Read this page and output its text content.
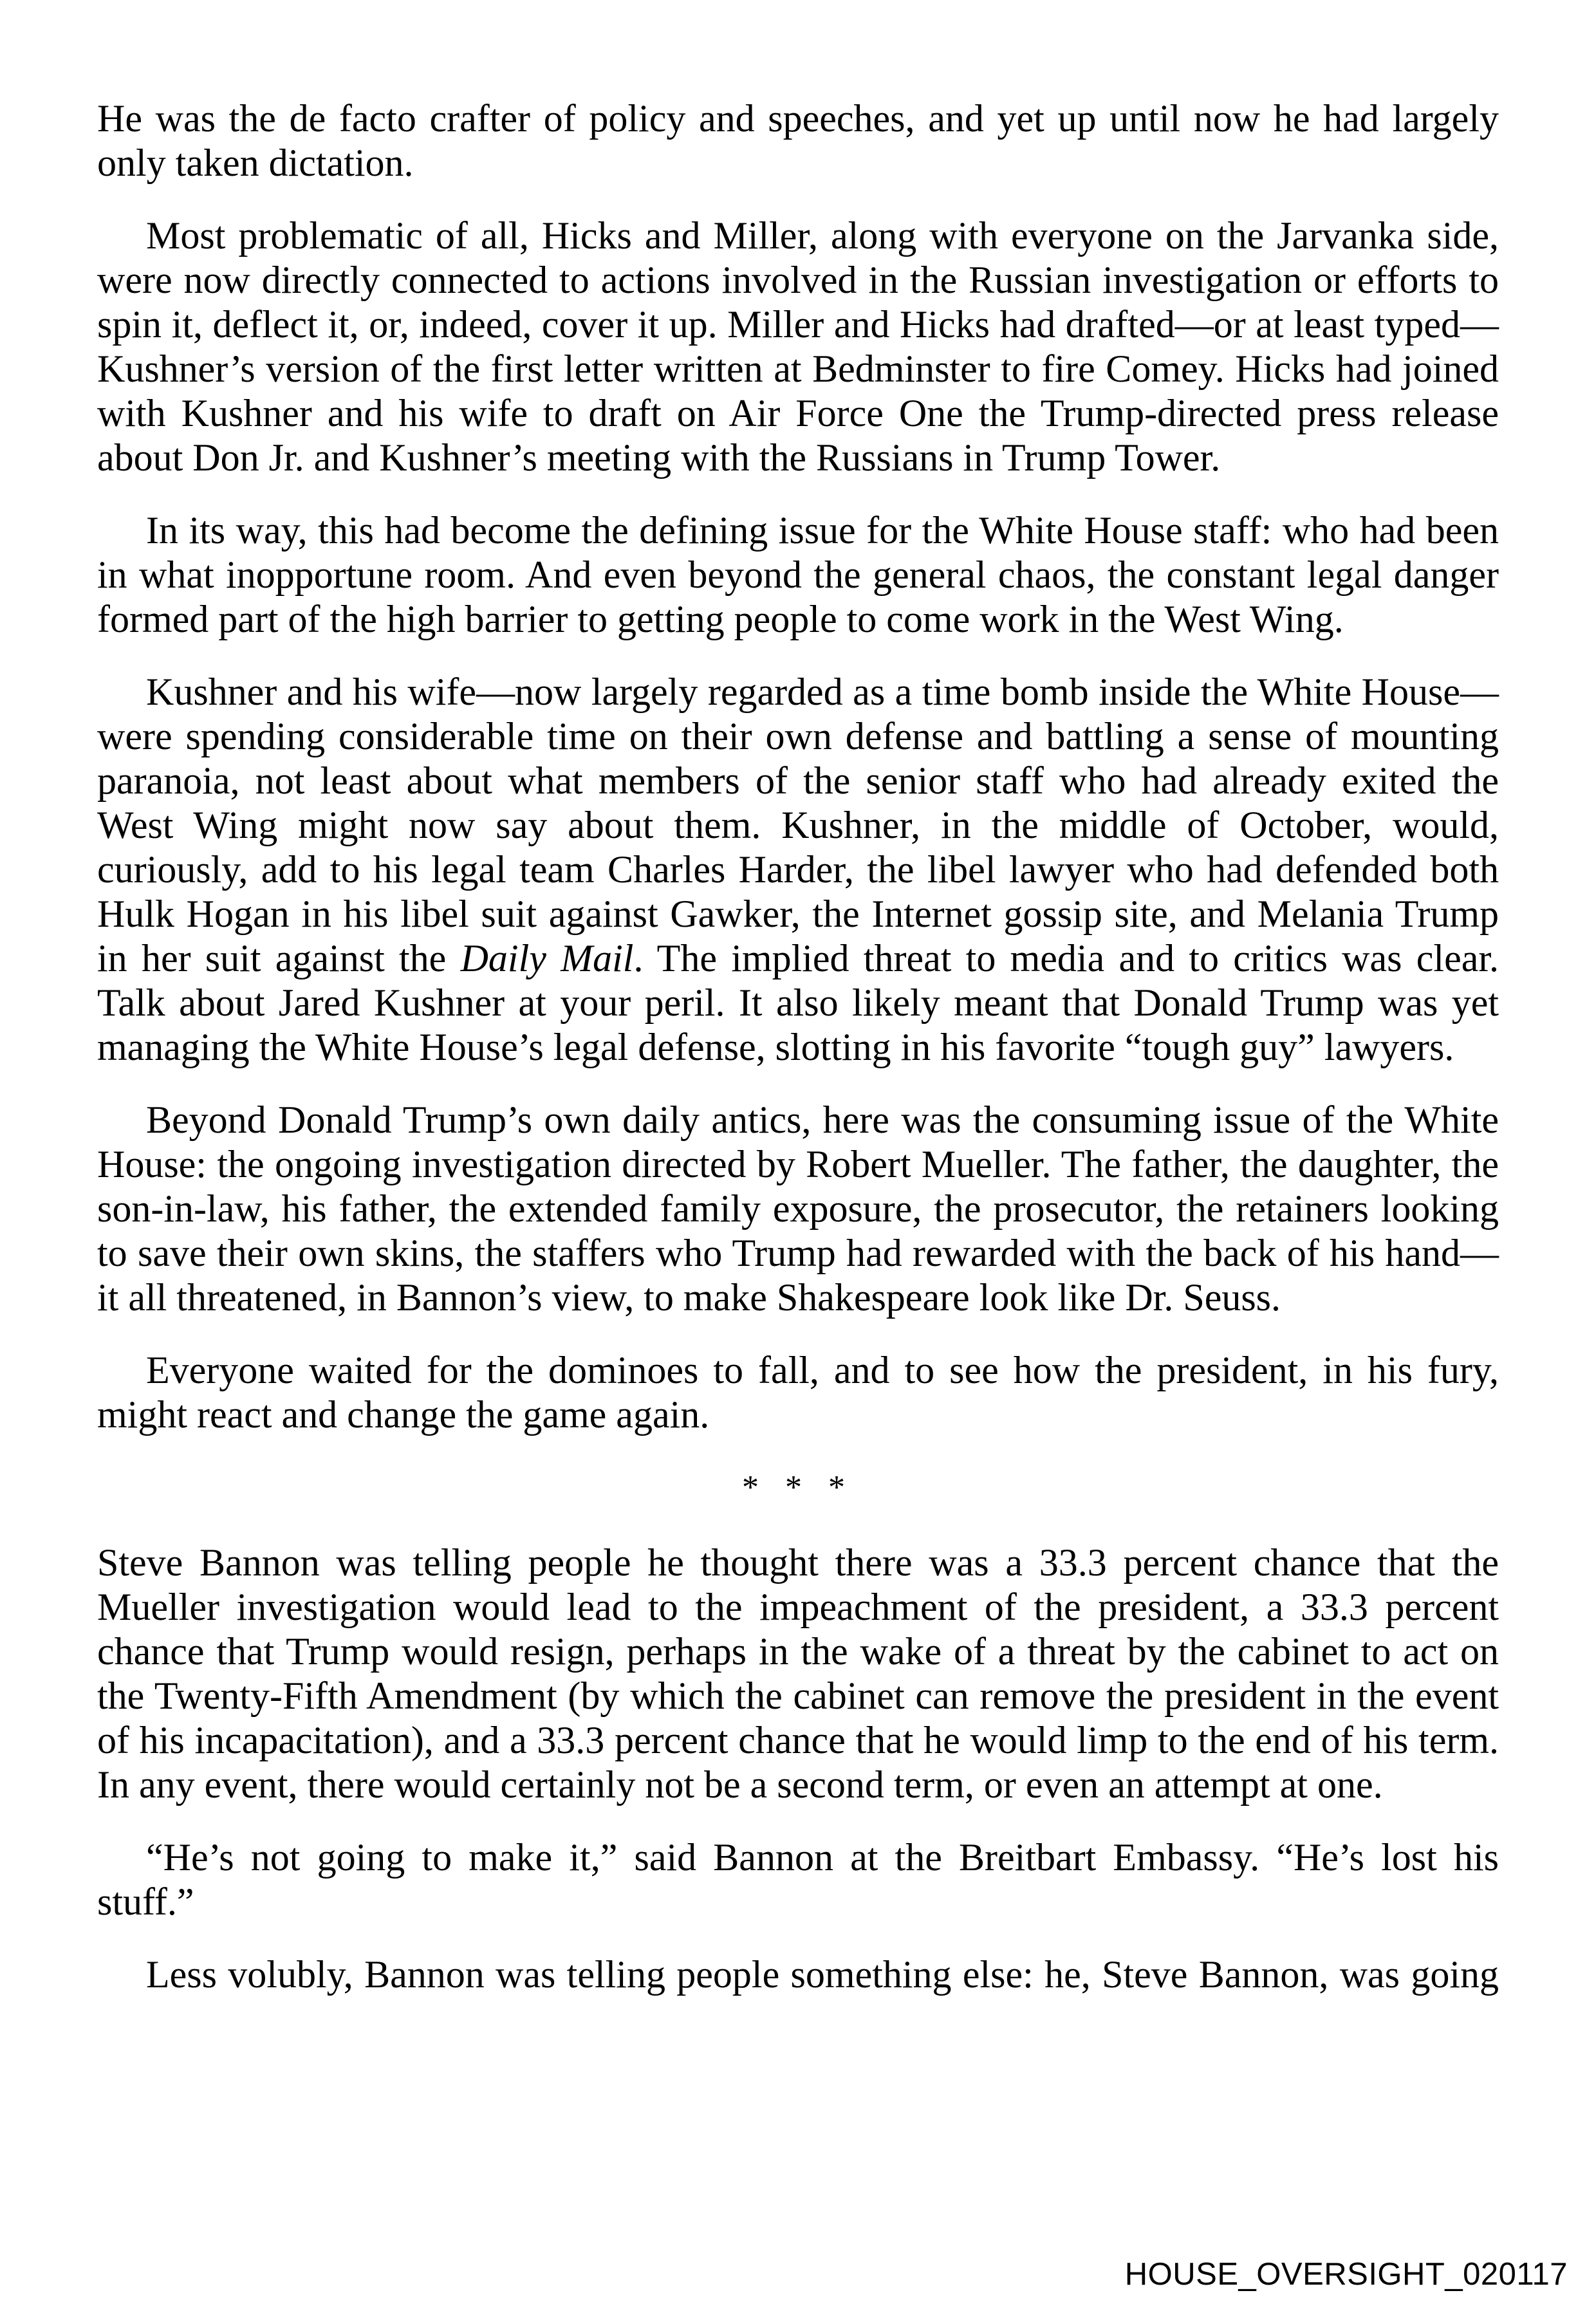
He was the de facto crafter of policy and speeches, and yet up until now he had largely only taken dictation.

Most problematic of all, Hicks and Miller, along with everyone on the Jarvanka side, were now directly connected to actions involved in the Russian investigation or efforts to spin it, deflect it, or, indeed, cover it up. Miller and Hicks had drafted—or at least typed—Kushner’s version of the first letter written at Bedminster to fire Comey. Hicks had joined with Kushner and his wife to draft on Air Force One the Trump-directed press release about Don Jr. and Kushner’s meeting with the Russians in Trump Tower.

In its way, this had become the defining issue for the White House staff: who had been in what inopportune room. And even beyond the general chaos, the constant legal danger formed part of the high barrier to getting people to come work in the West Wing.

Kushner and his wife—now largely regarded as a time bomb inside the White House—were spending considerable time on their own defense and battling a sense of mounting paranoia, not least about what members of the senior staff who had already exited the West Wing might now say about them. Kushner, in the middle of October, would, curiously, add to his legal team Charles Harder, the libel lawyer who had defended both Hulk Hogan in his libel suit against Gawker, the Internet gossip site, and Melania Trump in her suit against the Daily Mail. The implied threat to media and to critics was clear. Talk about Jared Kushner at your peril. It also likely meant that Donald Trump was yet managing the White House’s legal defense, slotting in his favorite “tough guy” lawyers.

Beyond Donald Trump’s own daily antics, here was the consuming issue of the White House: the ongoing investigation directed by Robert Mueller. The father, the daughter, the son-in-law, his father, the extended family exposure, the prosecutor, the retainers looking to save their own skins, the staffers who Trump had rewarded with the back of his hand—it all threatened, in Bannon’s view, to make Shakespeare look like Dr. Seuss.

Everyone waited for the dominoes to fall, and to see how the president, in his fury, might react and change the game again.

* * *

Steve Bannon was telling people he thought there was a 33.3 percent chance that the Mueller investigation would lead to the impeachment of the president, a 33.3 percent chance that Trump would resign, perhaps in the wake of a threat by the cabinet to act on the Twenty-Fifth Amendment (by which the cabinet can remove the president in the event of his incapacitation), and a 33.3 percent chance that he would limp to the end of his term. In any event, there would certainly not be a second term, or even an attempt at one.

“He’s not going to make it,” said Bannon at the Breitbart Embassy. “He’s lost his stuff.”

Less volubly, Bannon was telling people something else: he, Steve Bannon, was going

HOUSE_OVERSIGHT_020117
